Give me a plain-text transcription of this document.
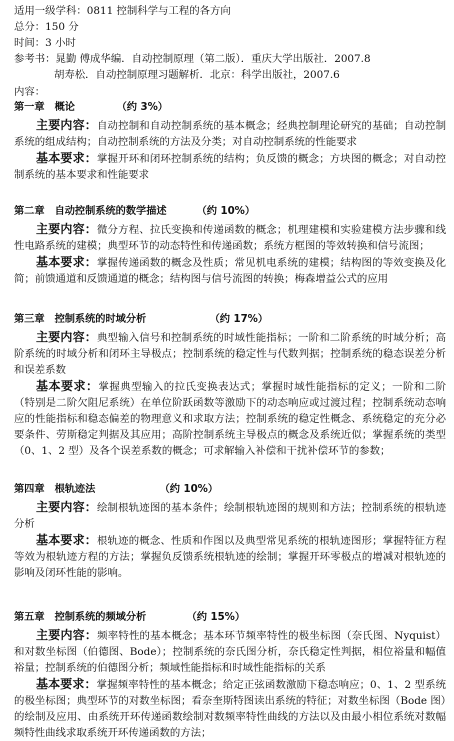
适用一级学科：0811 控制科学与工程的各方向
总分：150 分
时间：3 小时
参考书：晁勤 傅成华编．自动控制原理（第二版）．重庆大学出版社．2007.8
胡寿松．自动控制原理习题解析．北京：科学出版社，2007.6
内容：
第一章 概论	（约 3%）

主要内容：自动控制和自动控制系统的基本概念；经典控制理论研究的基础；自动控制系统的组成结构；自动控制系统的方法及分类；对自动控制系统的性能要求

基本要求：掌握开环和闭环控制系统的结构；负反馈的概念；方块图的概念；对自动控制系统的基本要求和性能要求

第二章 自动控制系统的数学描述	（约 10%）

主要内容：微分方程、拉氏变换和传递函数的概念；机理建模和实验建模方法步骤和线性电路系统的建模；典型环节的动态特性和传递函数；系统方框图的等效转换和信号流图；

基本要求：掌握传递函数的概念及性质；常见机电系统的建模；结构图的等效变换及化简；前馈通道和反馈通道的概念；结构图与信号流图的转换；梅森增益公式的应用

第三章 控制系统的时域分析	（约 17%）

主要内容：典型输入信号和控制系统的时域性能指标；一阶和二阶系统的时域分析；高阶系统的时域分析和闭环主导极点；控制系统的稳定性与代数判据；控制系统的稳态误差分析和误差系数

基本要求：掌握典型输入的拉氏变换表达式；掌握时域性能指标的定义；一阶和二阶（特别是二阶欠阻尼系统）在单位阶跃函数等激励下的动态响应或过渡过程；控制系统动态响应的性能指标和稳态偏差的物理意义和求取方法；控制系统的稳定性概念、系统稳定的充分必要条件、劳斯稳定判据及其应用；高阶控制系统主导极点的概念及系统近似；掌握系统的类型（0、1、2 型）及各个误差系数的概念；可求解输入补偿和干扰补偿环节的参数；

第四章 根轨迹法	（约 10%）

主要内容：绘制根轨迹图的基本条件；绘制根轨迹图的规则和方法；控制系统的根轨迹分析

基本要求：根轨迹的概念、性质和作图以及典型常见系统的根轨迹图形；掌握特征方程等效为根轨迹方程的方法；掌握负反馈系统根轨迹的绘制；掌握开环零极点的增减对根轨迹的影响及闭环性能的影响。

第五章 控制系统的频域分析	（约 15%）

主要内容：频率特性的基本概念；基本环节频率特性的极坐标图（奈氏图、Nyquist）和对数坐标图（伯德图、Bode）；控制系统的奈氏图分析，奈氏稳定性判据，相位裕量和幅值裕量；控制系统的伯德图分析；频域性能指标和时域性能指标的关系

基本要求：掌握频率特性的基本概念；给定正弦函数激励下稳态响应；0、1、2 型系统的极坐标图；典型环节的对数坐标图；看奈奎斯特图读出系统的特征；对数坐标图（Bode 图）的绘制及应用、由系统开环传递函数绘制对数频率特性曲线的方法以及由最小相位系统对数幅频特性曲线求取系统开环传递函数的方法；
